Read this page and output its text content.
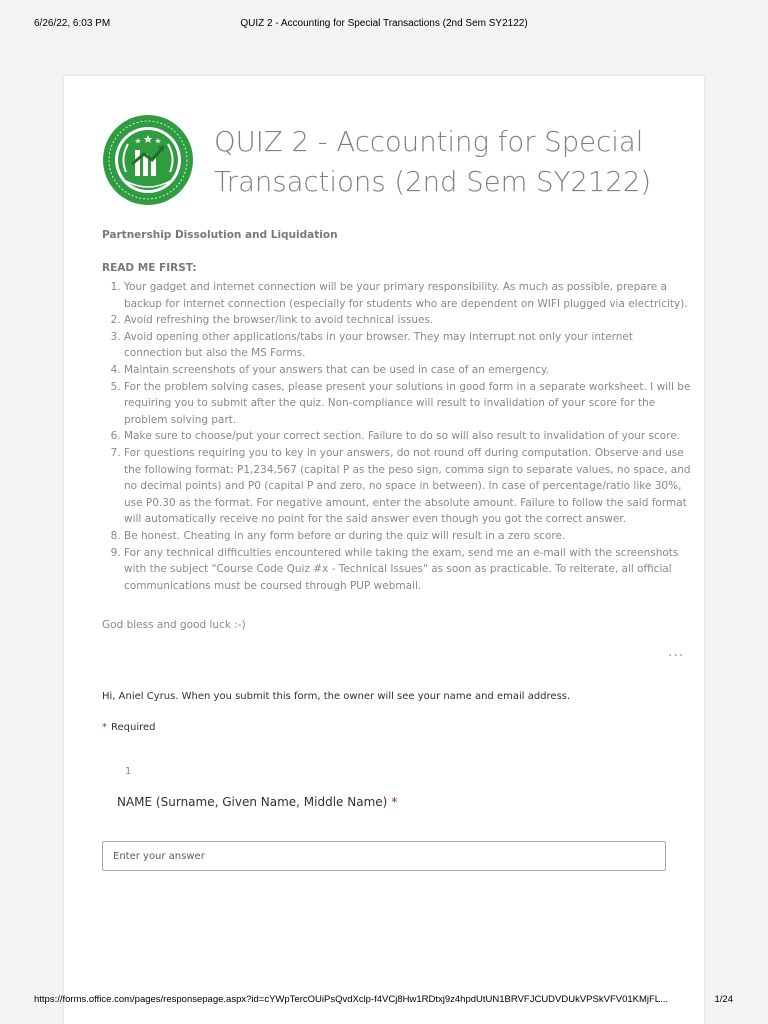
6/26/22, 6:03 PM	QUIZ 2 - Accounting for Special Transactions (2nd Sem SY2122)
QUIZ 2 - Accounting for Special Transactions (2nd Sem SY2122)
Partnership Dissolution and Liquidation
READ ME FIRST:
1. Your gadget and internet connection will be your primary responsibility. As much as possible, prepare a backup for internet connection (especially for students who are dependent on WIFI plugged via electricity).
2. Avoid refreshing the browser/link to avoid technical issues.
3. Avoid opening other applications/tabs in your browser. They may interrupt not only your internet connection but also the MS Forms.
4. Maintain screenshots of your answers that can be used in case of an emergency.
5. For the problem solving cases, please present your solutions in good form in a separate worksheet. I will be requiring you to submit after the quiz. Non-compliance will result to invalidation of your score for the problem solving part.
6. Make sure to choose/put your correct section. Failure to do so will also result to invalidation of your score.
7. For questions requiring you to key in your answers, do not round off during computation. Observe and use the following format: P1,234,567 (capital P as the peso sign, comma sign to separate values, no space, and no decimal points) and P0 (capital P and zero, no space in between). In case of percentage/ratio like 30%, use P0.30 as the format. For negative amount, enter the absolute amount. Failure to follow the said format will automatically receive no point for the said answer even though you got the correct answer.
8. Be honest. Cheating in any form before or during the quiz will result in a zero score.
9. For any technical difficulties encountered while taking the exam, send me an e-mail with the screenshots with the subject "Course Code Quiz #x - Technical Issues" as soon as practicable. To reiterate, all official communications must be coursed through PUP webmail.
God bless and good luck :-)
···
Hi, Aniel Cyrus. When you submit this form, the owner will see your name and email address.
* Required
1
NAME (Surname, Given Name, Middle Name) *
Enter your answer
https://forms.office.com/pages/responsepage.aspx?id=cYWpTercOUiPsQvdXclp-f4VCj8Hw1RDtxj9z4hpdUtUN1BRVFJCUDVDUkVPSkVFV01KMjFL...	1/24
